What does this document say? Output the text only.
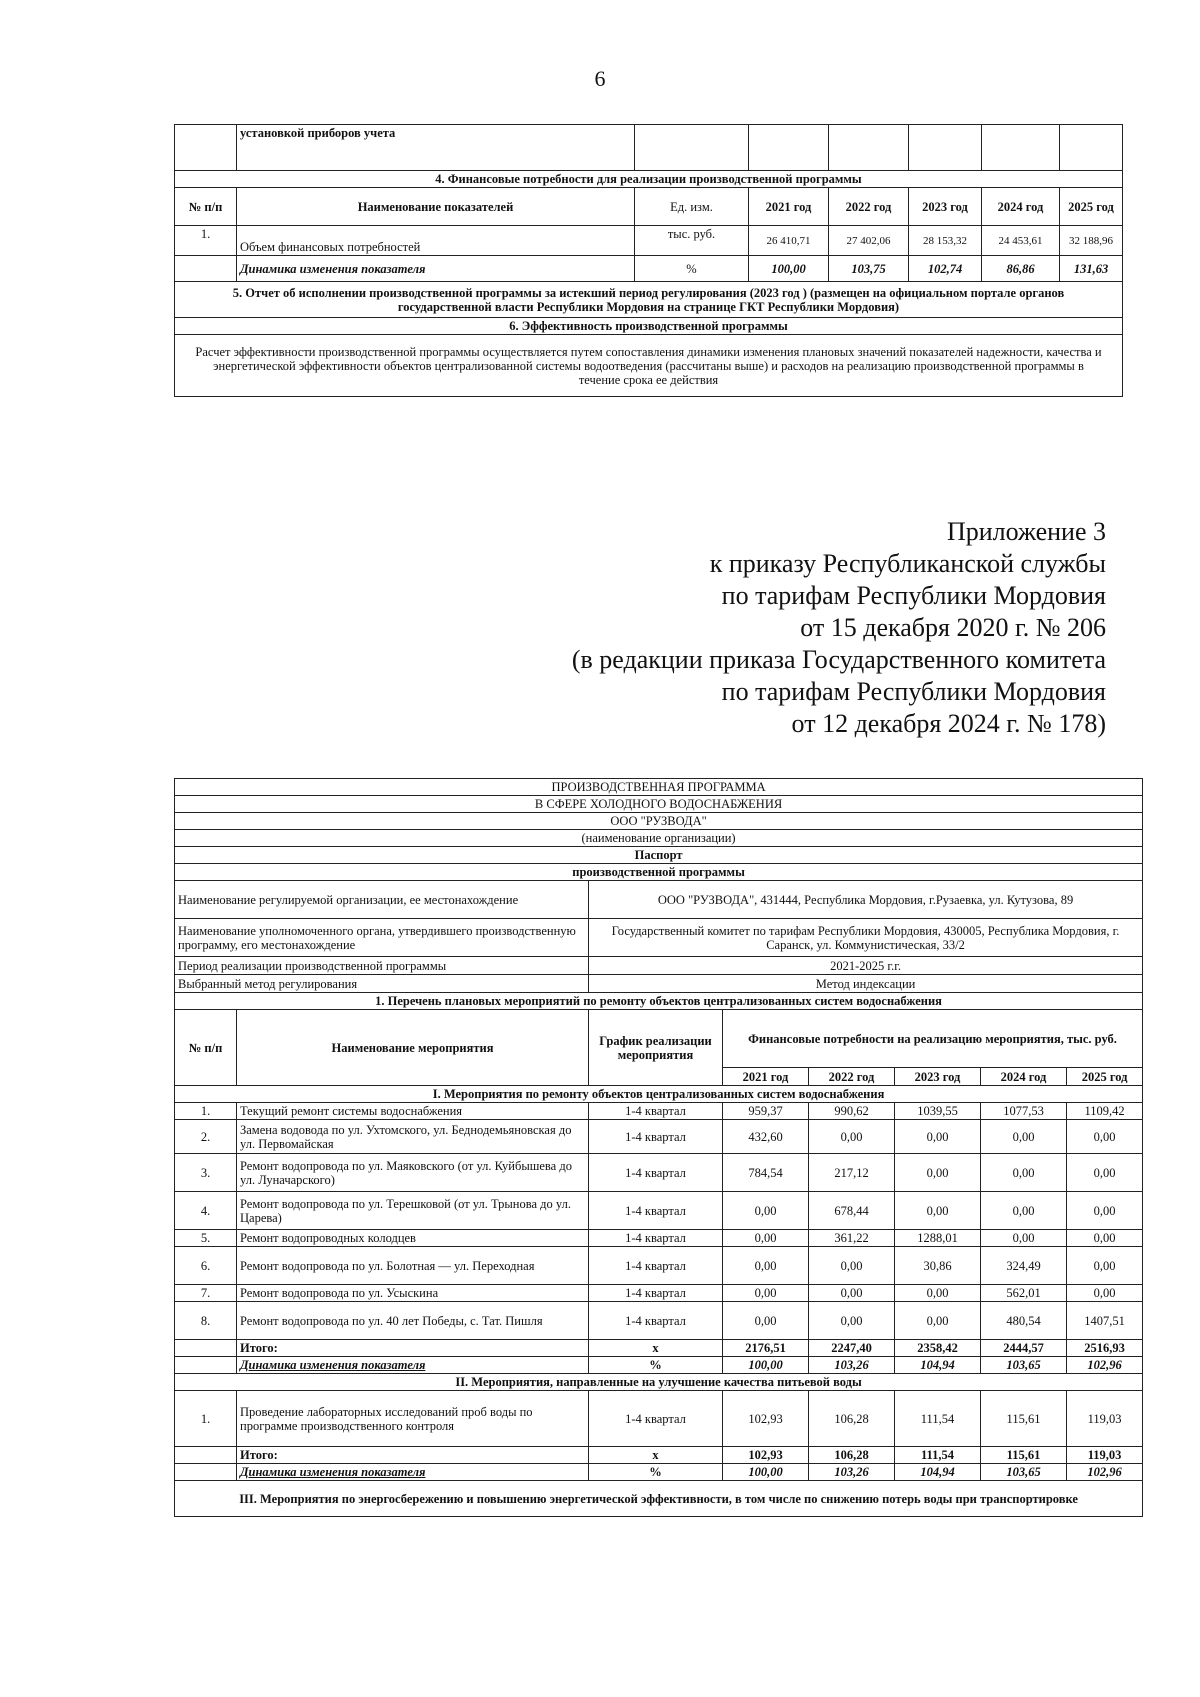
6
	установкой приборов учета						
4. Финансовые потребности для реализации производственной программы							
№ п/п	Наименование показателей	Ед. изм.	2021 год	2022 год	2023 год	2024 год	2025 год
1.	Объем финансовых потребностей	тыс. руб.	26 410,71	27 402,06	28 153,32	24 453,61	32 188,96
	Динамика изменения показателя	%	100,00	103,75	102,74	86,86	131,63
5. Отчет об исполнении производственной программы за истекший период регулирования (2023 год ) (размещен на официальном портале органов государственной власти Республики Мордовия на странице ГКТ Республики Мордовия)							
6. Эффективность производственной программы							
Расчет эффективности производственной программы осуществляется путем сопоставления динамики изменения плановых значений показателей надежности, качества и энергетической эффективности объектов централизованной системы водоотведения (рассчитаны выше) и расходов на реализацию производственной программы в течение срока ее действия							
Приложение 3
к приказу Республиканской службы
по тарифам Республики Мордовия
от 15 декабря 2020 г. № 206
(в редакции приказа Государственного комитета
по тарифам Республики Мордовия
от 12 декабря 2024 г. № 178)
ПРОИЗВОДСТВЕННАЯ ПРОГРАММА							
В СФЕРЕ ХОЛОДНОГО ВОДОСНАБЖЕНИЯ							
ООО "РУЗВОДА"							
(наименование организации)							
Паспорт							
производственной программы							
Наименование регулируемой организации, ее местонахождение		ООО "РУЗВОДА", 431444, Республика Мордовия, г.Рузаевка, ул. Кутузова, 89					
Наименование уполномоченного органа, утвердившего производственную программу, его местонахождение		Государственный комитет по тарифам Республики Мордовия, 430005, Республика Мордовия, г. Саранск, ул. Коммунистическая, 33/2					
Период реализации производственной программы		2021-2025 г.г.					
Выбранный метод регулирования		Метод индексации					
1. Перечень плановых мероприятий по ремонту объектов централизованных систем водоснабжения							
№ п/п	Наименование мероприятия	График реализации мероприятия	Финансовые потребности на реализацию мероприятия, тыс. руб.				
			2021 год	2022 год	2023 год	2024 год	2025 год
I. Мероприятия по ремонту объектов централизованных систем водоснабжения							
1.	Текущий ремонт системы водоснабжения	1-4 квартал	959,37	990,62	1039,55	1077,53	1109,42
2.	Замена водовода по ул. Ухтомского, ул. Беднодемьяновская до ул. Первомайская	1-4 квартал	432,60	0,00	0,00	0,00	0,00
3.	Ремонт водопровода по ул. Маяковского (от ул. Куйбышева до ул. Луначарского)	1-4 квартал	784,54	217,12	0,00	0,00	0,00
4.	Ремонт водопровода по ул. Терешковой (от ул. Трынова до ул. Царева)	1-4 квартал	0,00	678,44	0,00	0,00	0,00
5.	Ремонт водопроводных колодцев	1-4 квартал	0,00	361,22	1288,01	0,00	0,00
6.	Ремонт водопровода по ул. Болотная — ул. Переходная	1-4 квартал	0,00	0,00	30,86	324,49	0,00
7.	Ремонт водопровода по ул. Усыскина	1-4 квартал	0,00	0,00	0,00	562,01	0,00
8.	Ремонт водопровода по ул. 40 лет Победы, с. Тат. Пишля	1-4 квартал	0,00	0,00	0,00	480,54	1407,51
	Итого:	х	2176,51	2247,40	2358,42	2444,57	2516,93
	Динамика изменения показателя	%	100,00	103,26	104,94	103,65	102,96
II. Мероприятия, направленные на улучшение качества питьевой воды							
1.	Проведение лабораторных исследований проб воды по программе производственного контроля	1-4 квартал	102,93	106,28	111,54	115,61	119,03
	Итого:	х	102,93	106,28	111,54	115,61	119,03
	Динамика изменения показателя	%	100,00	103,26	104,94	103,65	102,96
III. Мероприятия по энергосбережению и повышению энергетической эффективности, в том числе по снижению потерь воды при транспортировке							
